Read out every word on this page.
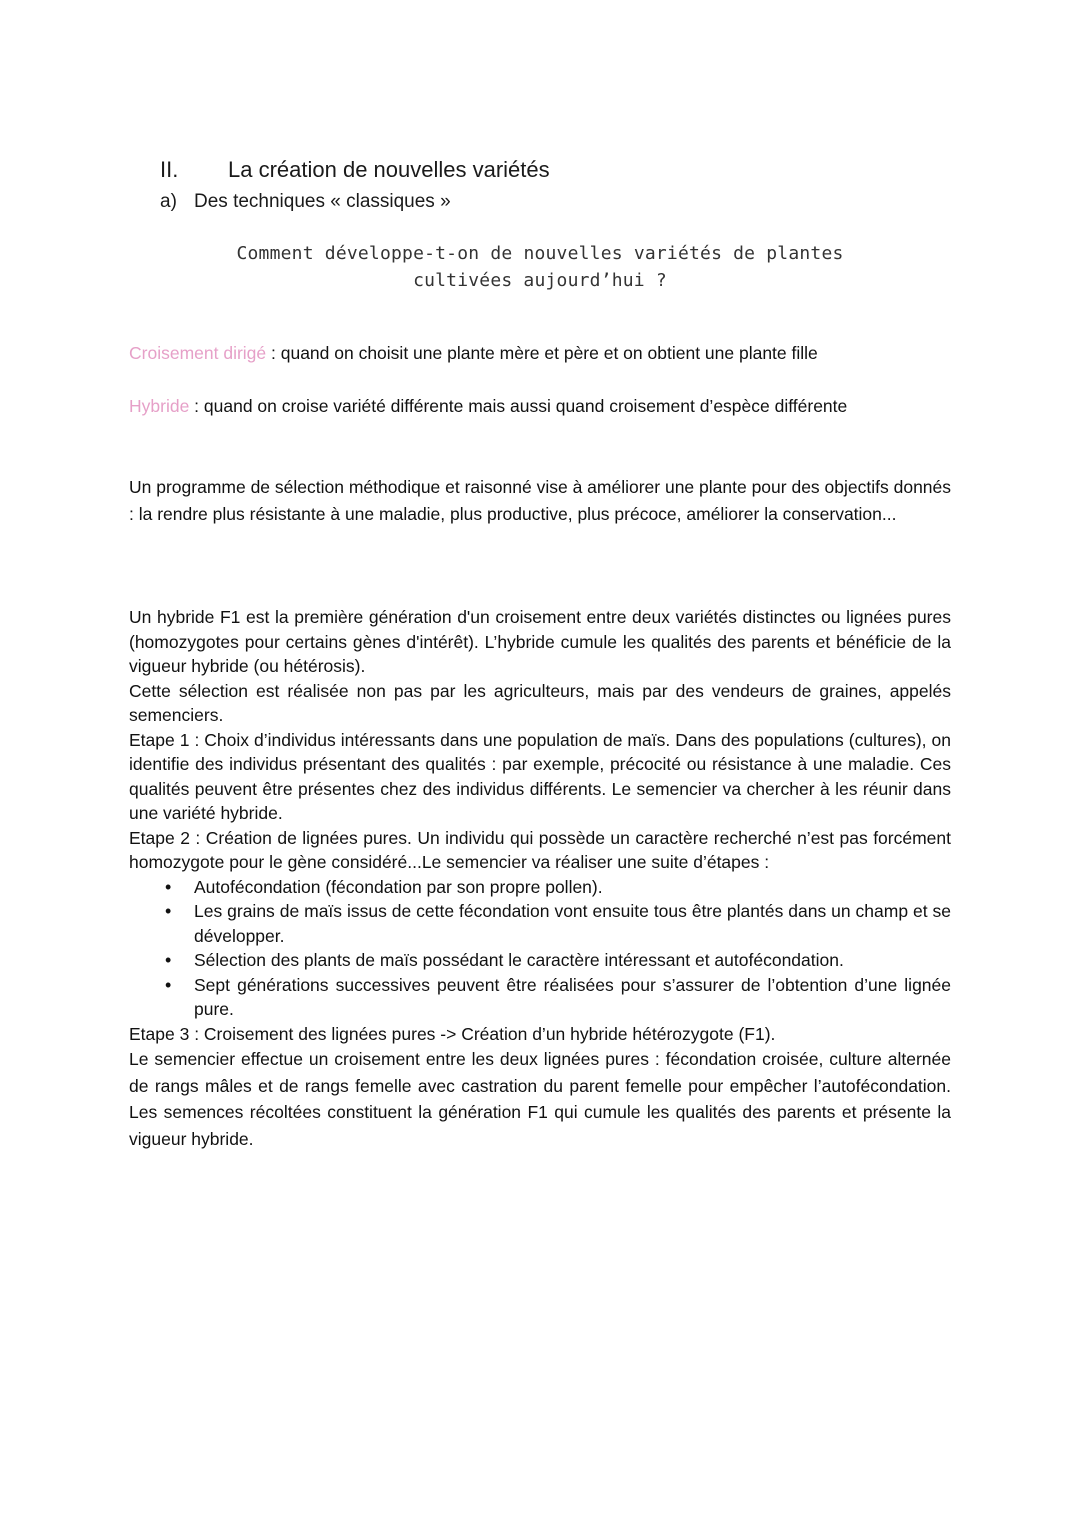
II. La création de nouvelles variétés
a) Des techniques « classiques »
Comment développe-t-on de nouvelles variétés de plantes
cultivées aujourd’hui ?
Croisement dirigé : quand on choisit une plante mère et père et on obtient une plante fille
Hybride : quand on croise variété différente mais aussi quand croisement d’espèce différente

Un programme de sélection méthodique et raisonné vise à améliorer une plante pour des objectifs donnés : la rendre plus résistante à une maladie, plus productive, plus précoce, améliorer la conservation...

Un hybride F1 est la première génération d'un croisement entre deux variétés distinctes ou lignées pures (homozygotes pour certains gènes d'intérêt). L’hybride cumule les qualités des parents et bénéficie de la vigueur hybride (ou hétérosis).

Cette sélection est réalisée non pas par les agriculteurs, mais par des vendeurs de graines, appelés semenciers.

Etape 1 : Choix d’individus intéressants dans une population de maïs. Dans des populations (cultures), on identifie des individus présentant des qualités : par exemple, précocité ou résistance à une maladie. Ces qualités peuvent être présentes chez des individus différents. Le semencier va chercher à les réunir dans une variété hybride.

Etape 2 : Création de lignées pures. Un individu qui possède un caractère recherché n’est pas forcément homozygote pour le gène considéré...Le semencier va réaliser une suite d’étapes :

• Autofécondation (fécondation par son propre pollen).
• Les grains de maïs issus de cette fécondation vont ensuite tous être plantés dans un champ et se développer.
• Sélection des plants de maïs possédant le caractère intéressant et autofécondation.
• Sept générations successives peuvent être réalisées pour s’assurer de l’obtention d’une lignée pure.

Etape 3 : Croisement des lignées pures -> Création d’un hybride hétérozygote (F1).

Le semencier effectue un croisement entre les deux lignées pures : fécondation croisée, culture alternée de rangs mâles et de rangs femelle avec castration du parent femelle pour empêcher l’autofécondation. Les semences récoltées constituent la génération F1 qui cumule les qualités des parents et présente la vigueur hybride.
